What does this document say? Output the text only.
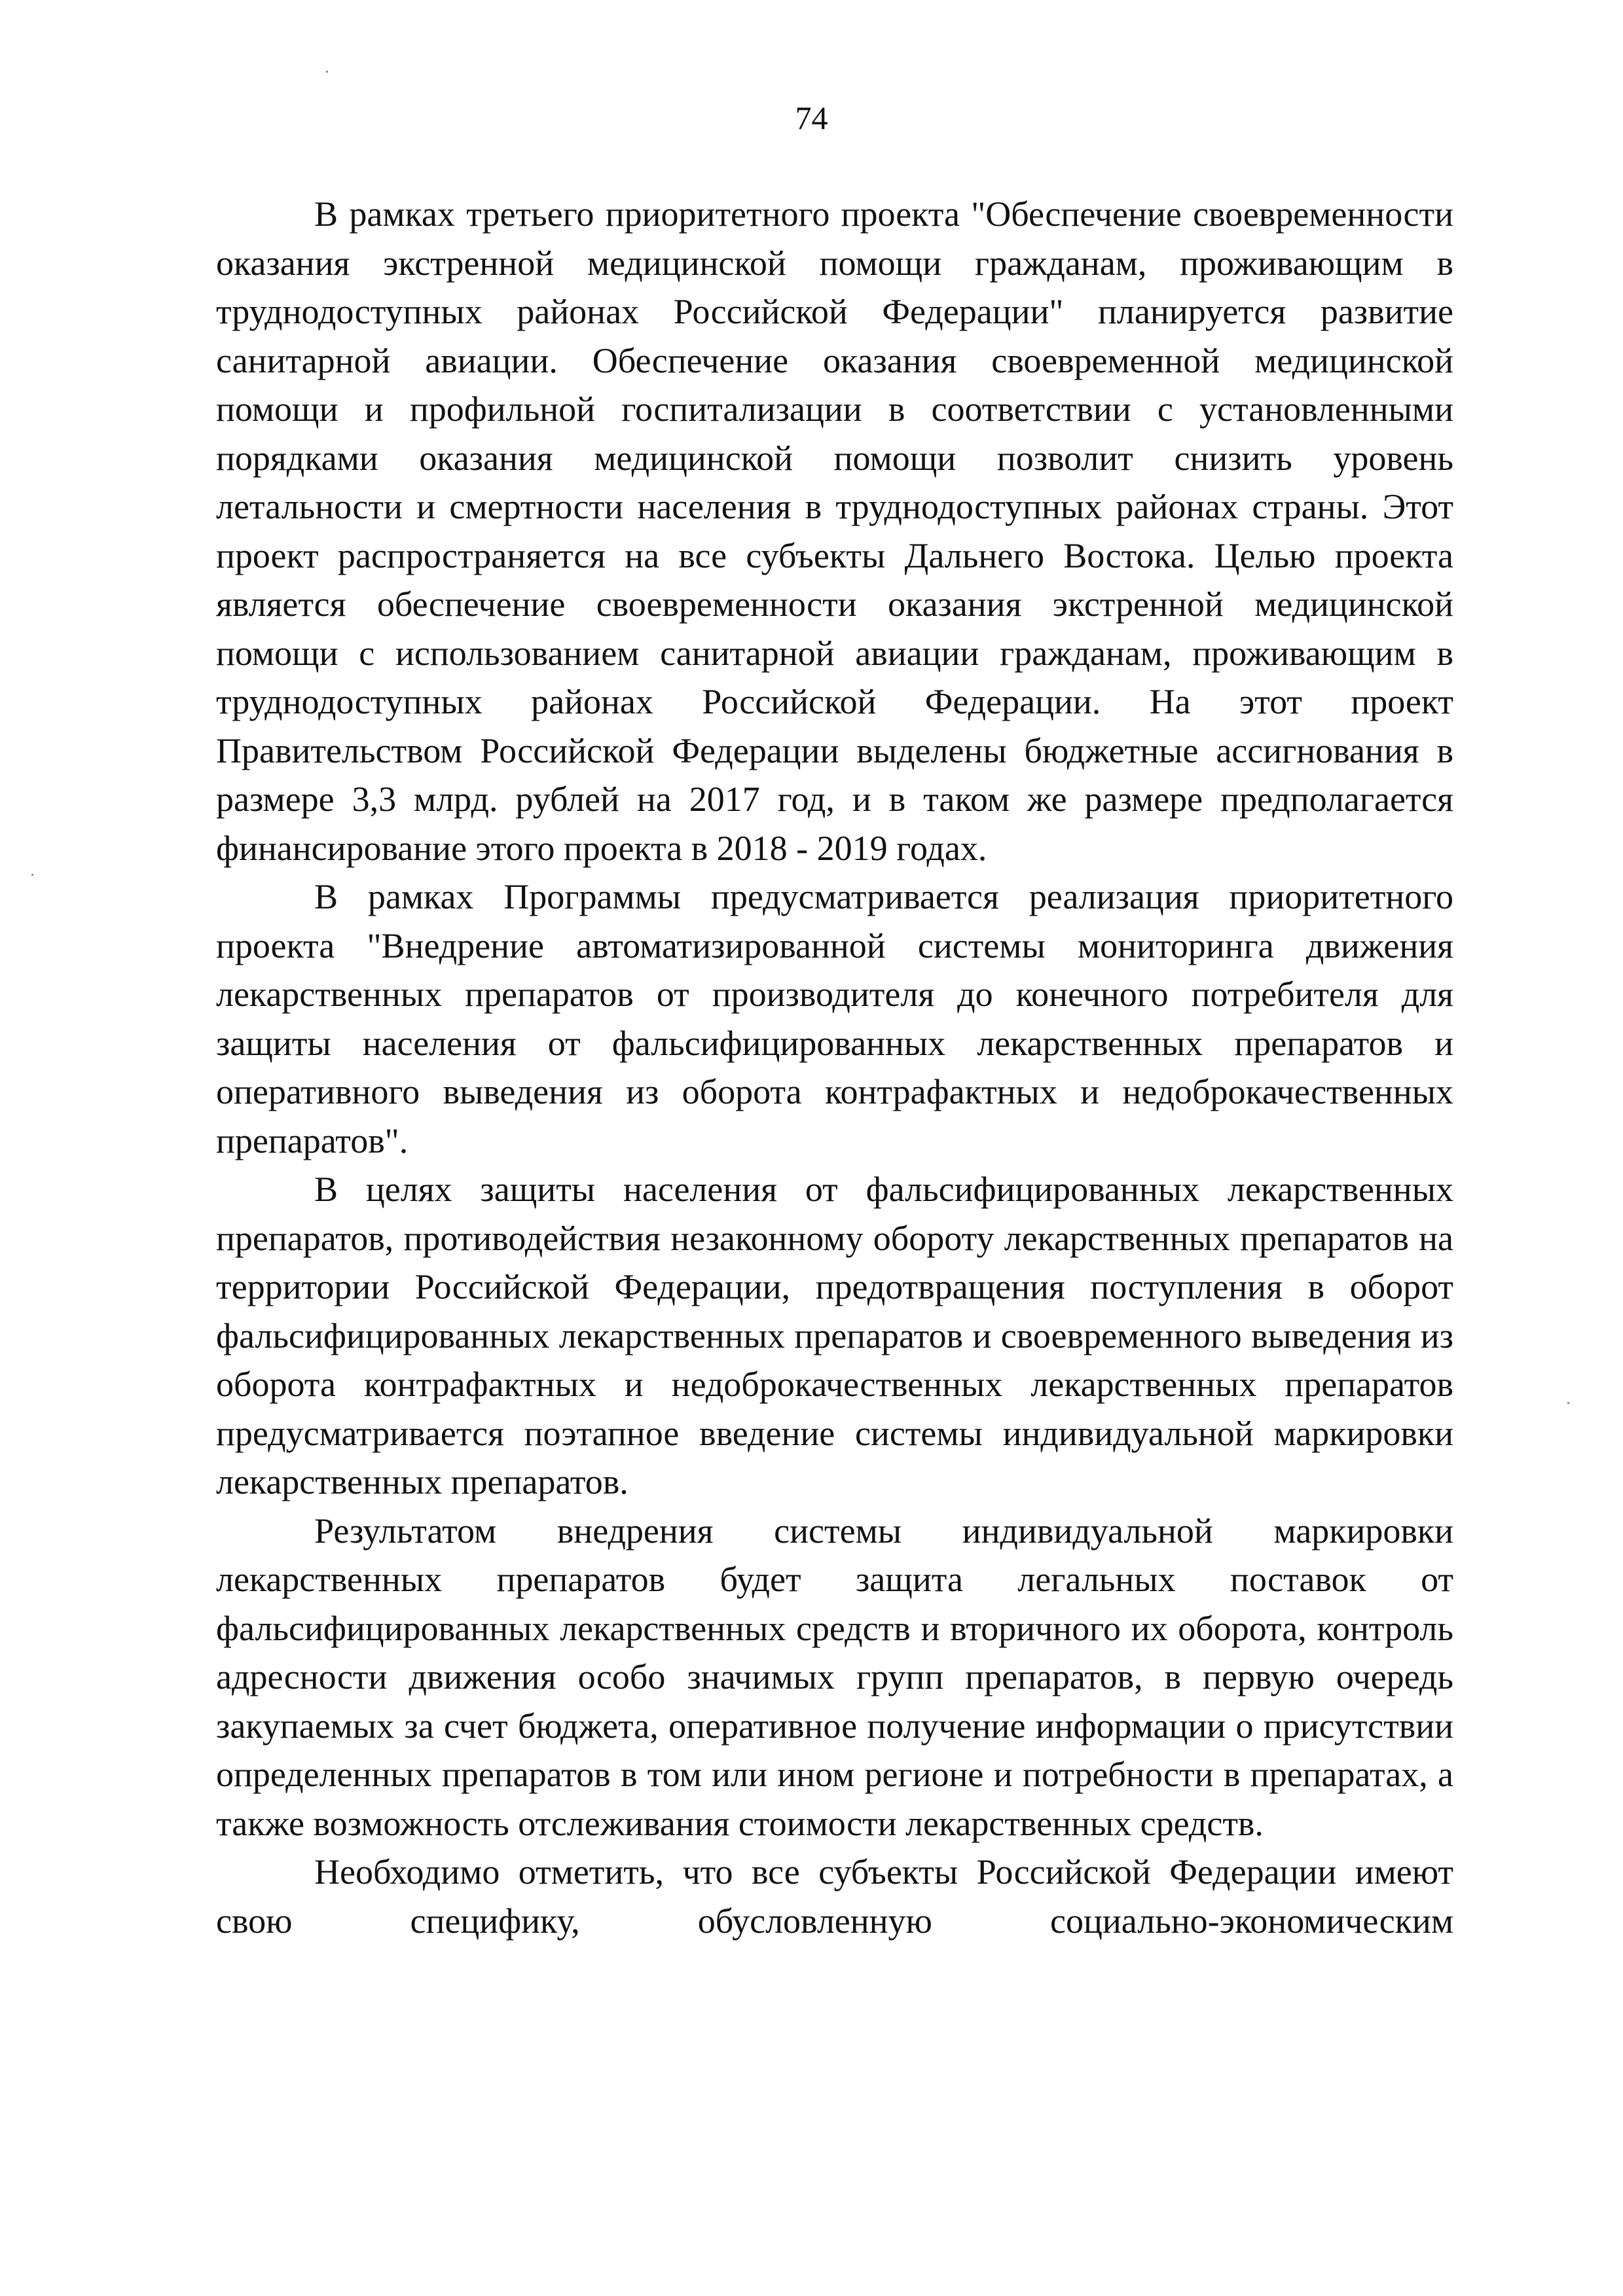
74

В рамках третьего приоритетного проекта "Обеспечение своевременности оказания экстренной медицинской помощи гражданам, проживающим в труднодоступных районах Российской Федерации" планируется развитие санитарной авиации. Обеспечение оказания своевременной медицинской помощи и профильной госпитализации в соответствии с установленными порядками оказания медицинской помощи позволит снизить уровень летальности и смертности населения в труднодоступных районах страны. Этот проект распространяется на все субъекты Дальнего Востока. Целью проекта является обеспечение своевременности оказания экстренной медицинской помощи с использованием санитарной авиации гражданам, проживающим в труднодоступных районах Российской Федерации. На этот проект Правительством Российской Федерации выделены бюджетные ассигнования в размере 3,3 млрд. рублей на 2017 год, и в таком же размере предполагается финансирование этого проекта в 2018 - 2019 годах.

В рамках Программы предусматривается реализация приоритетного проекта "Внедрение автоматизированной системы мониторинга движения лекарственных препаратов от производителя до конечного потребителя для защиты населения от фальсифицированных лекарственных препаратов и оперативного выведения из оборота контрафактных и недоброкачественных препаратов".

В целях защиты населения от фальсифицированных лекарственных препаратов, противодействия незаконному обороту лекарственных препаратов на территории Российской Федерации, предотвращения поступления в оборот фальсифицированных лекарственных препаратов и своевременного выведения из оборота контрафактных и недоброкачественных лекарственных препаратов предусматривается поэтапное введение системы индивидуальной маркировки лекарственных препаратов.

Результатом внедрения системы индивидуальной маркировки лекарственных препаратов будет защита легальных поставок от фальсифицированных лекарственных средств и вторичного их оборота, контроль адресности движения особо значимых групп препаратов, в первую очередь закупаемых за счет бюджета, оперативное получение информации о присутствии определенных препаратов в том или ином регионе и потребности в препаратах, а также возможность отслеживания стоимости лекарственных средств.

Необходимо отметить, что все субъекты Российской Федерации имеют свою специфику, обусловленную социально-экономическим
